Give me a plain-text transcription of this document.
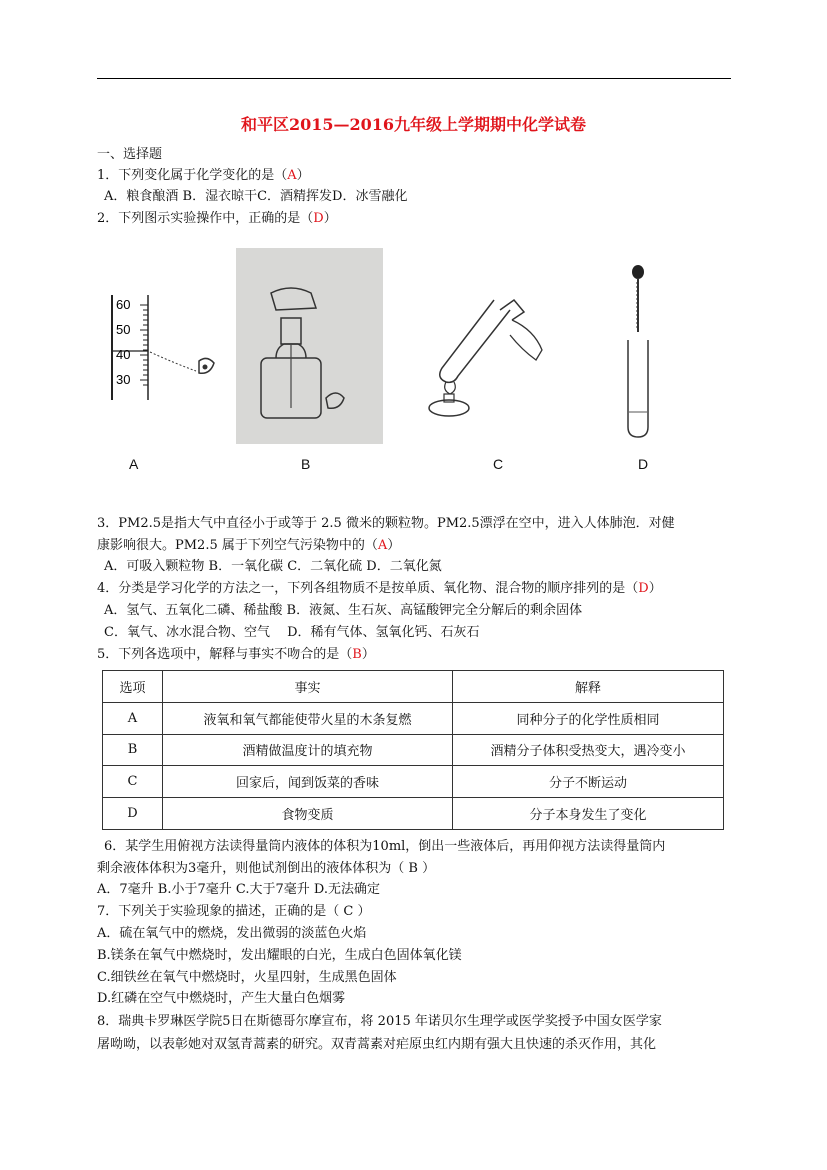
和平区2015—2016九年级上学期期中化学试卷
一、选择题
1．下列变化属于化学变化的是（A）
A．粮食酿酒 B．湿衣晾干C．酒精挥发D．冰雪融化
2．下列图示实验操作中，正确的是（D）
60
50
40
30
A	B	C	D
3．PM2.5是指大气中直径小于或等于 2.5 微米的颗粒物。PM2.5漂浮在空中，进入人体肺泡．对健
康影响很大。PM2.5 属于下列空气污染物中的（A）
A．可吸入颗粒物 B．一氧化碳 C．二氧化硫 D．二氧化氮
4．分类是学习化学的方法之一，下列各组物质不是按单质、氧化物、混合物的顺序排列的是（D）
A．氢气、五氧化二磷、稀盐酸 B．液氮、生石灰、高锰酸钾完全分解后的剩余固体
C．氧气、冰水混合物、空气　 D．稀有气体、氢氧化钙、石灰石
5．下列各选项中，解释与事实不吻合的是（B）
选项	事实	解释
A	液氧和氧气都能使带火星的木条复燃	同种分子的化学性质相同
B	酒精做温度计的填充物	酒精分子体积受热变大，遇冷变小
C	回家后，闻到饭菜的香味	分子不断运动
D	食物变质	分子本身发生了变化
6．某学生用俯视方法读得量筒内液体的体积为10ml，倒出一些液体后，再用仰视方法读得量筒内
剩余液体体积为3毫升，则他试剂倒出的液体体积为（ B ）
A．7毫升 B.小于7毫升 C.大于7毫升 D.无法确定
7．下列关于实验现象的描述，正确的是（ C ）
A．硫在氧气中的燃烧，发出微弱的淡蓝色火焰
B.镁条在氧气中燃烧时，发出耀眼的白光，生成白色固体氧化镁
C.细铁丝在氧气中燃烧时，火星四射，生成黑色固体
D.红磷在空气中燃烧时，产生大量白色烟雾
8．瑞典卡罗琳医学院5日在斯德哥尔摩宣布，将 2015 年诺贝尔生理学或医学奖授予中国女医学家
屠呦呦，以表彰她对双氢青蒿素的研究。双青蒿素对疟原虫红内期有强大且快速的杀灭作用，其化
